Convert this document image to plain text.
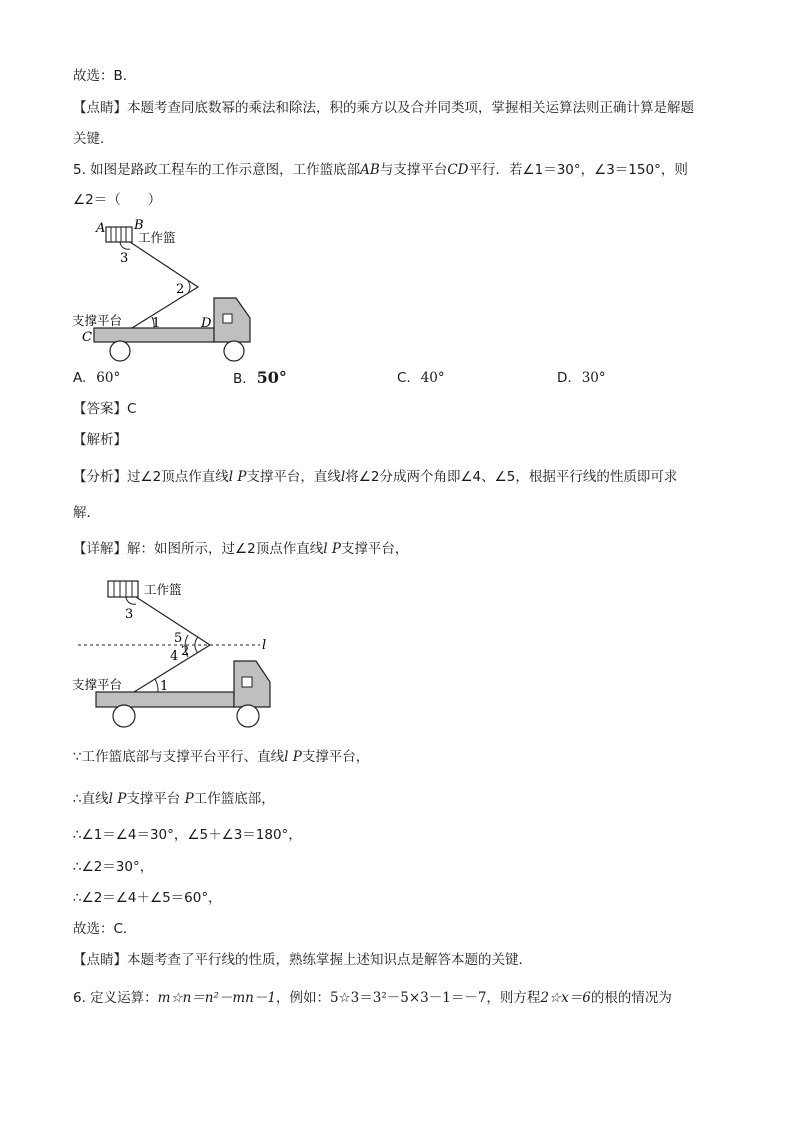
故选：B．
【点睛】本题考查同底数幂的乘法和除法，积的乘方以及合并同类项，掌握相关运算法则正确计算是解题
关键．
5. 如图是路政工程车的工作示意图，工作篮底部AB与支撑平台CD平行．若∠1＝30°，∠3＝150°，则
∠2＝（　　）
A B
工作篮
3
2
1
支撑平台
C
D
A. 60°	B. 50°	C. 40°	D. 30°
【答案】C
【解析】
【分析】过∠2顶点作直线l P支撑平台，直线l将∠2分成两个角即∠4、∠5，根据平行线的性质即可求
解．
【详解】解：如图所示，过∠2顶点作直线l P支撑平台，
工作篮
3
5
4 2
1
l
支撑平台
∵工作篮底部与支撑平台平行、直线l P支撑平台，
∴直线l P支撑平台 P工作篮底部，
∴∠1＝∠4＝30°，∠5＋∠3＝180°，
∴∠2＝30°，
∴∠2＝∠4＋∠5＝60°，
故选：C．
【点睛】本题考查了平行线的性质，熟练掌握上述知识点是解答本题的关键．
6. 定义运算：m☆n＝n²－mn－1，例如：5☆3＝3²－5×3－1＝－7，则方程2☆x＝6的根的情况为
